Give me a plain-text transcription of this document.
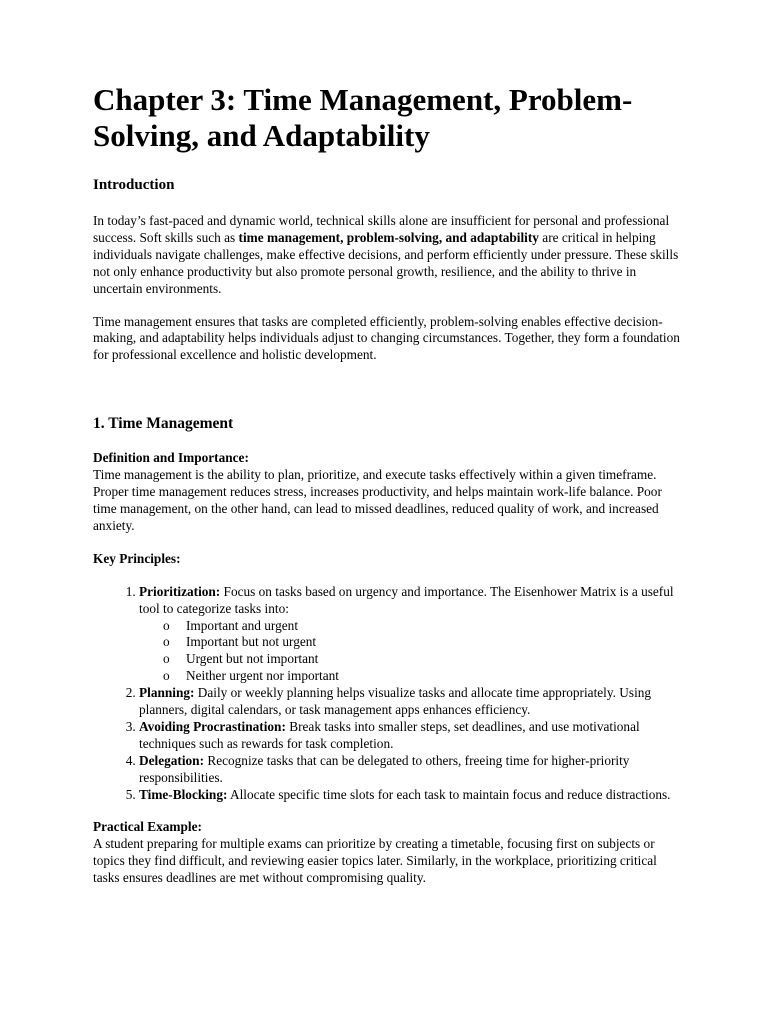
Chapter 3: Time Management, Problem-Solving, and Adaptability
Introduction

In today’s fast-paced and dynamic world, technical skills alone are insufficient for personal and professional success. Soft skills such as time management, problem-solving, and adaptability are critical in helping individuals navigate challenges, make effective decisions, and perform efficiently under pressure. These skills not only enhance productivity but also promote personal growth, resilience, and the ability to thrive in uncertain environments.

Time management ensures that tasks are completed efficiently, problem-solving enables effective decision-making, and adaptability helps individuals adjust to changing circumstances. Together, they form a foundation for professional excellence and holistic development.

1. Time Management
Definition and Importance:
Time management is the ability to plan, prioritize, and execute tasks effectively within a given timeframe. Proper time management reduces stress, increases productivity, and helps maintain work-life balance. Poor time management, on the other hand, can lead to missed deadlines, reduced quality of work, and increased anxiety.
Key Principles:
1. Prioritization: Focus on tasks based on urgency and importance. The Eisenhower Matrix is a useful tool to categorize tasks into:
o Important and urgent
o Important but not urgent
o Urgent but not important
o Neither urgent nor important
2. Planning: Daily or weekly planning helps visualize tasks and allocate time appropriately. Using planners, digital calendars, or task management apps enhances efficiency.
3. Avoiding Procrastination: Break tasks into smaller steps, set deadlines, and use motivational techniques such as rewards for task completion.
4. Delegation: Recognize tasks that can be delegated to others, freeing time for higher-priority responsibilities.
5. Time-Blocking: Allocate specific time slots for each task to maintain focus and reduce distractions.
Practical Example:
A student preparing for multiple exams can prioritize by creating a timetable, focusing first on subjects or topics they find difficult, and reviewing easier topics later. Similarly, in the workplace, prioritizing critical tasks ensures deadlines are met without compromising quality.
